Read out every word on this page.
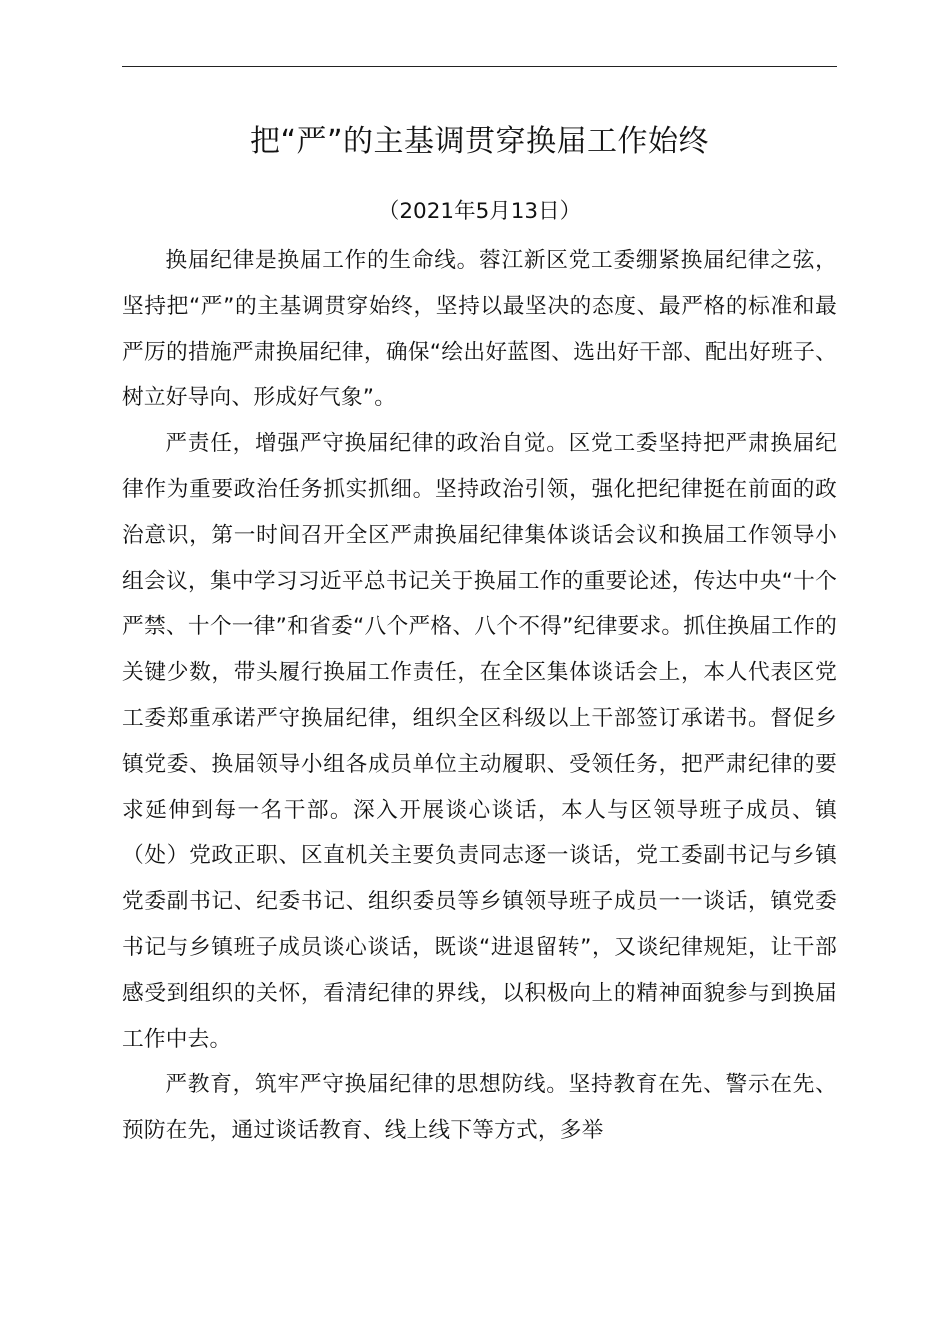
把“严”的主基调贯穿换届工作始终
（2021年5月13日）

换届纪律是换届工作的生命线。蓉江新区党工委绷紧换届纪律之弦，坚持把“严”的主基调贯穿始终，坚持以最坚决的态度、最严格的标准和最严厉的措施严肃换届纪律，确保“绘出好蓝图、选出好干部、配出好班子、树立好导向、形成好气象”。

严责任，增强严守换届纪律的政治自觉。区党工委坚持把严肃换届纪律作为重要政治任务抓实抓细。坚持政治引领，强化把纪律挺在前面的政治意识，第一时间召开全区严肃换届纪律集体谈话会议和换届工作领导小组会议，集中学习习近平总书记关于换届工作的重要论述，传达中央“十个严禁、十个一律”和省委“八个严格、八个不得”纪律要求。抓住换届工作的关键少数，带头履行换届工作责任，在全区集体谈话会上，本人代表区党工委郑重承诺严守换届纪律，组织全区科级以上干部签订承诺书。督促乡镇党委、换届领导小组各成员单位主动履职、受领任务，把严肃纪律的要求延伸到每一名干部。深入开展谈心谈话，本人与区领导班子成员、镇（处）党政正职、区直机关主要负责同志逐一谈话，党工委副书记与乡镇党委副书记、纪委书记、组织委员等乡镇领导班子成员一一谈话，镇党委书记与乡镇班子成员谈心谈话，既谈“进退留转”，又谈纪律规矩，让干部感受到组织的关怀，看清纪律的界线，以积极向上的精神面貌参与到换届工作中去。

严教育，筑牢严守换届纪律的思想防线。坚持教育在先、警示在先、预防在先，通过谈话教育、线上线下等方式，多举
